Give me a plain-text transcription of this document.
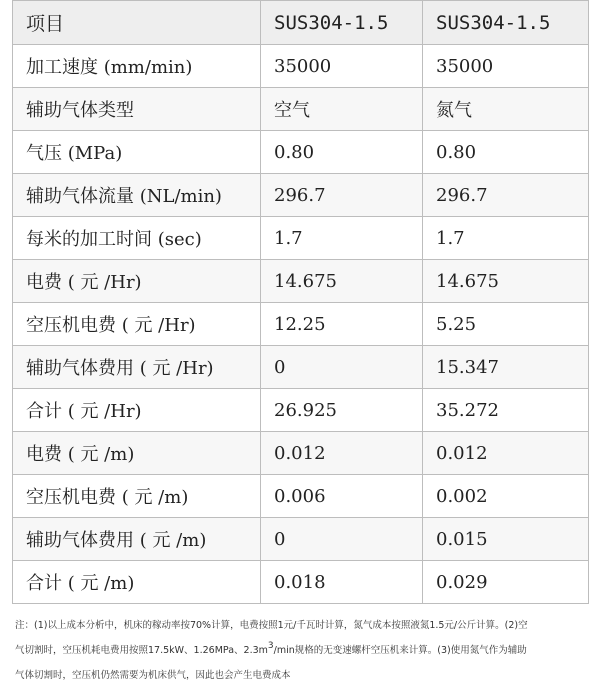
项目	SUS304-1.5	SUS304-1.5
加工速度 (mm/min)	35000	35000
辅助气体类型	空气	氮气
气压 (MPa)	0.80	0.80
辅助气体流量 (NL/min)	296.7	296.7
每米的加工时间 (sec)	1.7	1.7
电费 ( 元 /Hr)	14.675	14.675
空压机电费 ( 元 /Hr)	12.25	5.25
辅助气体费用 ( 元 /Hr)	0	15.347
合计 ( 元 /Hr)	26.925	35.272
电费 ( 元 /m)	0.012	0.012
空压机电费 ( 元 /m)	0.006	0.002
辅助气体费用 ( 元 /m)	0	0.015
合计 ( 元 /m)	0.018	0.029

注：(1)以上成本分析中，机床的稼动率按70%计算，电费按照1元/千瓦时计算，氮气成本按照液氮1.5元/公斤计算。(2)空

气切割时，空压机耗电费用按照17.5kW、1.26MPa、$2.3m^3/\min$规格的无变速螺杆空压机来计算。(3)使用氮气作为辅助

气体切割时，空压机仍然需要为机床供气，因此也会产生电费成本
